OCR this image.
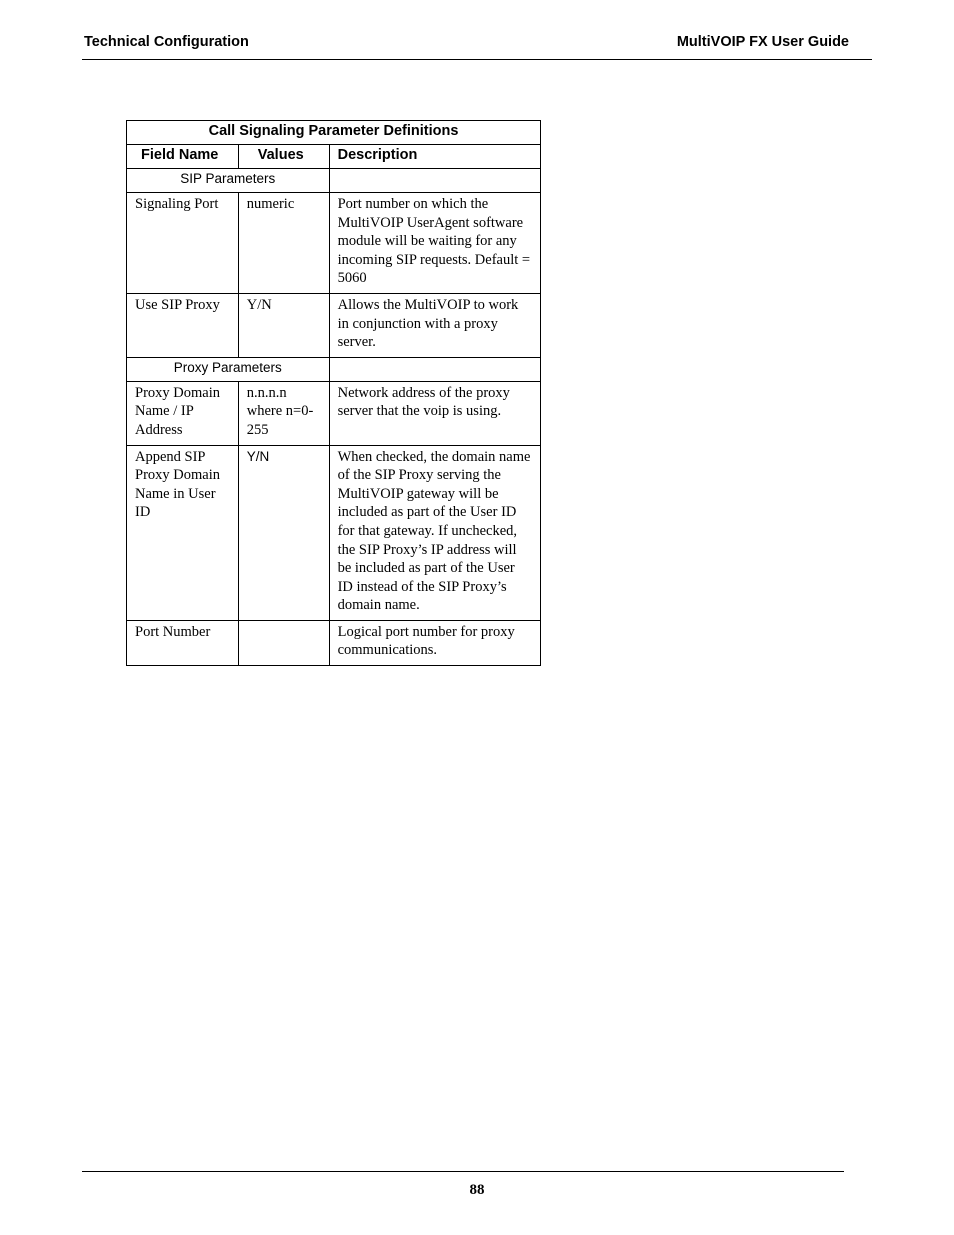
Technical Configuration	MultiVOIP FX User Guide
Call Signaling Parameter Definitions		
Field Name	Values	Description
SIP Parameters		
Signaling Port	numeric	Port number on which the MultiVOIP UserAgent software module will be waiting for any incoming SIP requests. Default = 5060
Use SIP Proxy	Y/N	Allows the MultiVOIP to work in conjunction with a proxy server.
Proxy Parameters		
Proxy Domain Name / IP Address	n.n.n.n where n=0-255	Network address of the proxy server that the voip is using.
Append SIP Proxy Domain Name in User ID	Y/N	When checked, the domain name of the SIP Proxy serving the MultiVOIP gateway will be included as part of the User ID for that gateway. If unchecked, the SIP Proxy’s IP address will be included as part of the User ID instead of the SIP Proxy’s domain name.
Port Number		Logical port number for proxy communications.
88
